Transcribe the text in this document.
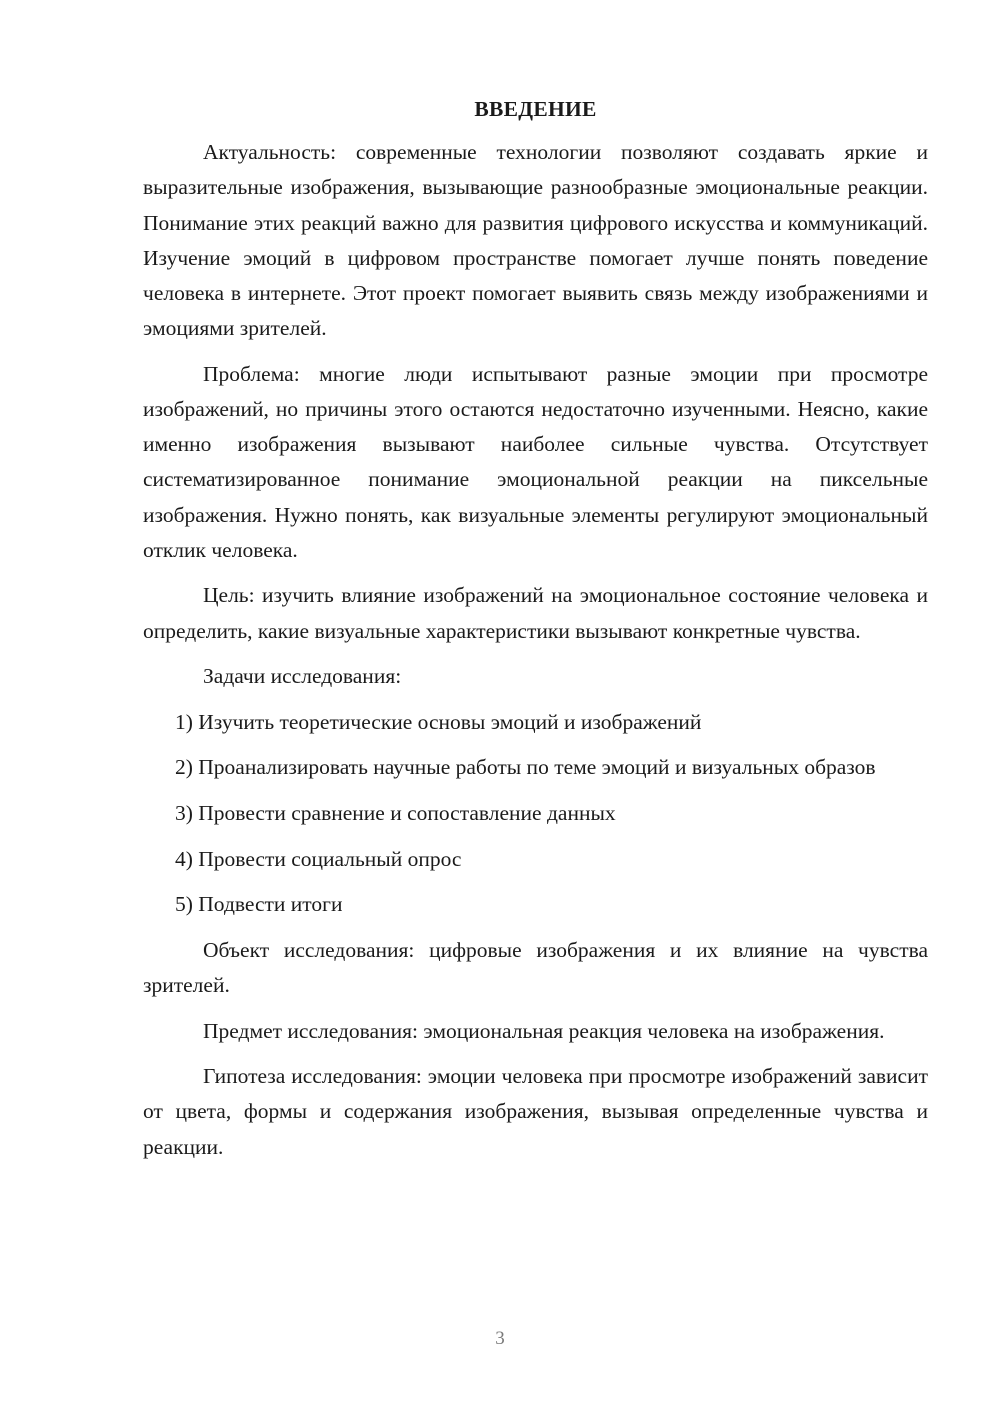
ВВЕДЕНИЕ

Актуальность: современные технологии позволяют создавать яркие и выразительные изображения, вызывающие разнообразные эмоциональные реакции. Понимание этих реакций важно для развития цифрового искусства и коммуникаций. Изучение эмоций в цифровом пространстве помогает лучше понять поведение человека в интернете. Этот проект помогает выявить связь между изображениями и эмоциями зрителей.

Проблема: многие люди испытывают разные эмоции при просмотре изображений, но причины этого остаются недостаточно изученными. Неясно, какие именно изображения вызывают наиболее сильные чувства. Отсутствует систематизированное понимание эмоциональной реакции на пиксельные изображения. Нужно понять, как визуальные элементы регулируют эмоциональный отклик человека.

Цель: изучить влияние изображений на эмоциональное состояние человека и определить, какие визуальные характеристики вызывают конкретные чувства.

Задачи исследования:

1) Изучить теоретические основы эмоций и изображений

2) Проанализировать научные работы по теме эмоций и визуальных образов

3) Провести сравнение и сопоставление данных

4) Провести социальный опрос

5) Подвести итоги

Объект исследования: цифровые изображения и их влияние на чувства зрителей.

Предмет исследования: эмоциональная реакция человека на изображения.

Гипотеза исследования: эмоции человека при просмотре изображений зависит от цвета, формы и содержания изображения, вызывая определенные чувства и реакции.

3
